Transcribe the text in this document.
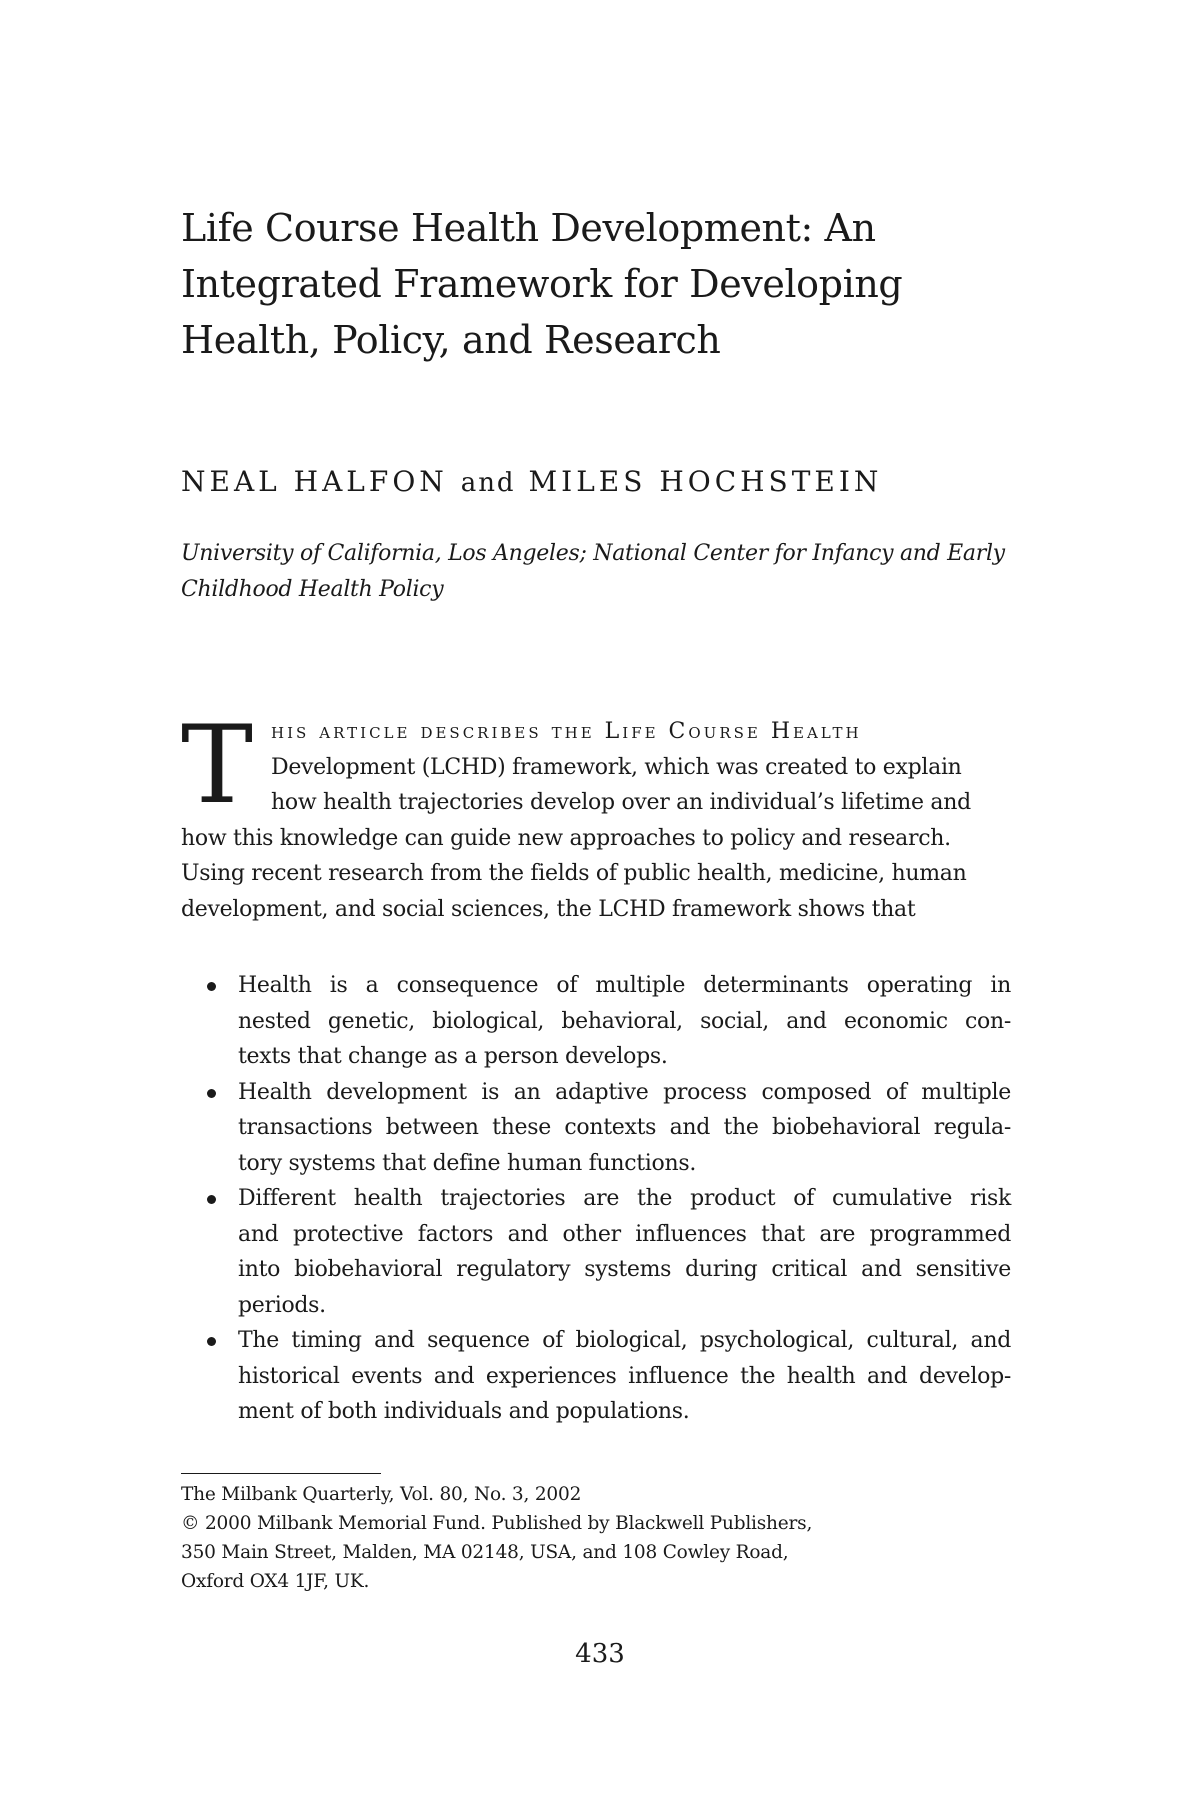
Life Course Health Development: An
Integrated Framework for Developing
Health, Policy, and Research
NEAL HALFON and MILES HOCHSTEIN
University of California, Los Angeles; National Center for Infancy and Early
Childhood Health Policy
T his article describes the Life Course Health
Development (LCHD) framework, which was created to explain
how health trajectories develop over an individual’s lifetime and
how this knowledge can guide new approaches to policy and research.
Using recent research from the fields of public health, medicine, human
development, and social sciences, the LCHD framework shows that
Health is a consequence of multiple determinants operating in
nested genetic, biological, behavioral, social, and economic con-
texts that change as a person develops.
Health development is an adaptive process composed of multiple
transactions between these contexts and the biobehavioral regula-
tory systems that define human functions.
Different health trajectories are the product of cumulative risk
and protective factors and other influences that are programmed
into biobehavioral regulatory systems during critical and sensitive
periods.
The timing and sequence of biological, psychological, cultural, and
historical events and experiences influence the health and develop-
ment of both individuals and populations.
The Milbank Quarterly, Vol. 80, No. 3, 2002
© 2000 Milbank Memorial Fund. Published by Blackwell Publishers,
350 Main Street, Malden, MA 02148, USA, and 108 Cowley Road,
Oxford OX4 1JF, UK.
433
